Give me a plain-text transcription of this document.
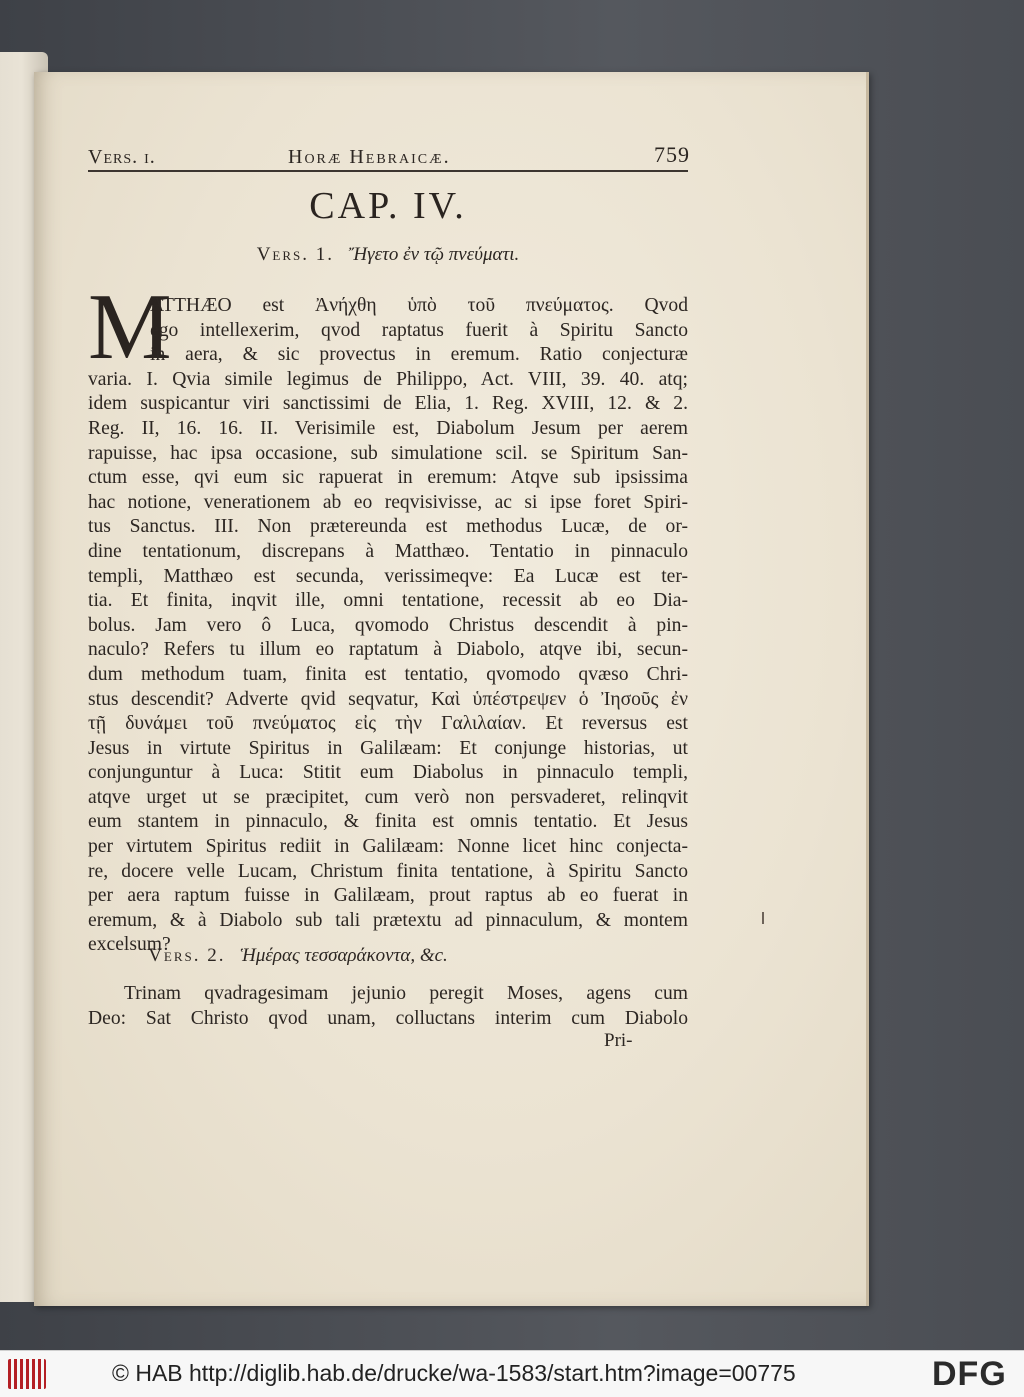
Vers. i.	Horæ Hebraicæ.	759
CAP. IV.
Vers. 1. Ἤγετο ἐν τῷ πνεύματι.
M
ATTHÆO est Ἀνήχθη ὑπὸ τοῦ πνεύματος. Qvod
ego intellexerim, qvod raptatus fuerit à Spiritu Sancto
in aera, & sic provectus in eremum. Ratio conjecturæ
varia. I. Qvia simile legimus de Philippo, Act. VIII, 39. 40. atq;
idem suspicantur viri sanctissimi de Elia, 1. Reg. XVIII, 12. & 2.
Reg. II, 16. 16. II. Verisimile est, Diabolum Jesum per aerem
rapuisse, hac ipsa occasione, sub simulatione scil. se Spiritum San-
ctum esse, qvi eum sic rapuerat in eremum: Atqve sub ipsissima
hac notione, venerationem ab eo reqvisivisse, ac si ipse foret Spiri-
tus Sanctus. III. Non prætereunda est methodus Lucæ, de or-
dine tentationum, discrepans à Matthæo. Tentatio in pinnaculo
templi, Matthæo est secunda, verissimeqve: Ea Lucæ est ter-
tia. Et finita, inqvit ille, omni tentatione, recessit ab eo Dia-
bolus. Jam vero ô Luca, qvomodo Christus descendit à pin-
naculo? Refers tu illum eo raptatum à Diabolo, atqve ibi, secun-
dum methodum tuam, finita est tentatio, qvomodo qvæso Chri-
stus descendit? Adverte qvid seqvatur, Καὶ ὑπέστρεψεν ὁ Ἰησοῦς ἐν
τῇ δυνάμει τοῦ πνεύματος εἰς τὴν Γαλιλαίαν. Et reversus est
Jesus in virtute Spiritus in Galilæam: Et conjunge historias, ut
conjunguntur à Luca: Stitit eum Diabolus in pinnaculo templi,
atqve urget ut se præcipitet, cum verò non persvaderet, relinqvit
eum stantem in pinnaculo, & finita est omnis tentatio. Et Jesus
per virtutem Spiritus rediit in Galilæam: Nonne licet hinc conjecta-
re, docere velle Lucam, Christum finita tentatione, à Spiritu Sancto
per aera raptum fuisse in Galilæam, prout raptus ab eo fuerat in
eremum, & à Diabolo sub tali prætextu ad pinnaculum, & montem
excelsum?
Vers. 2. Ἡμέρας τεσσαράκοντα, &c.
Trinam qvadragesimam jejunio peregit Moses, agens cum
Deo: Sat Christo qvod unam, colluctans interim cum Diabolo
Pri-
© HAB http://diglib.hab.de/drucke/wa-1583/start.htm?image=00775	DFG
